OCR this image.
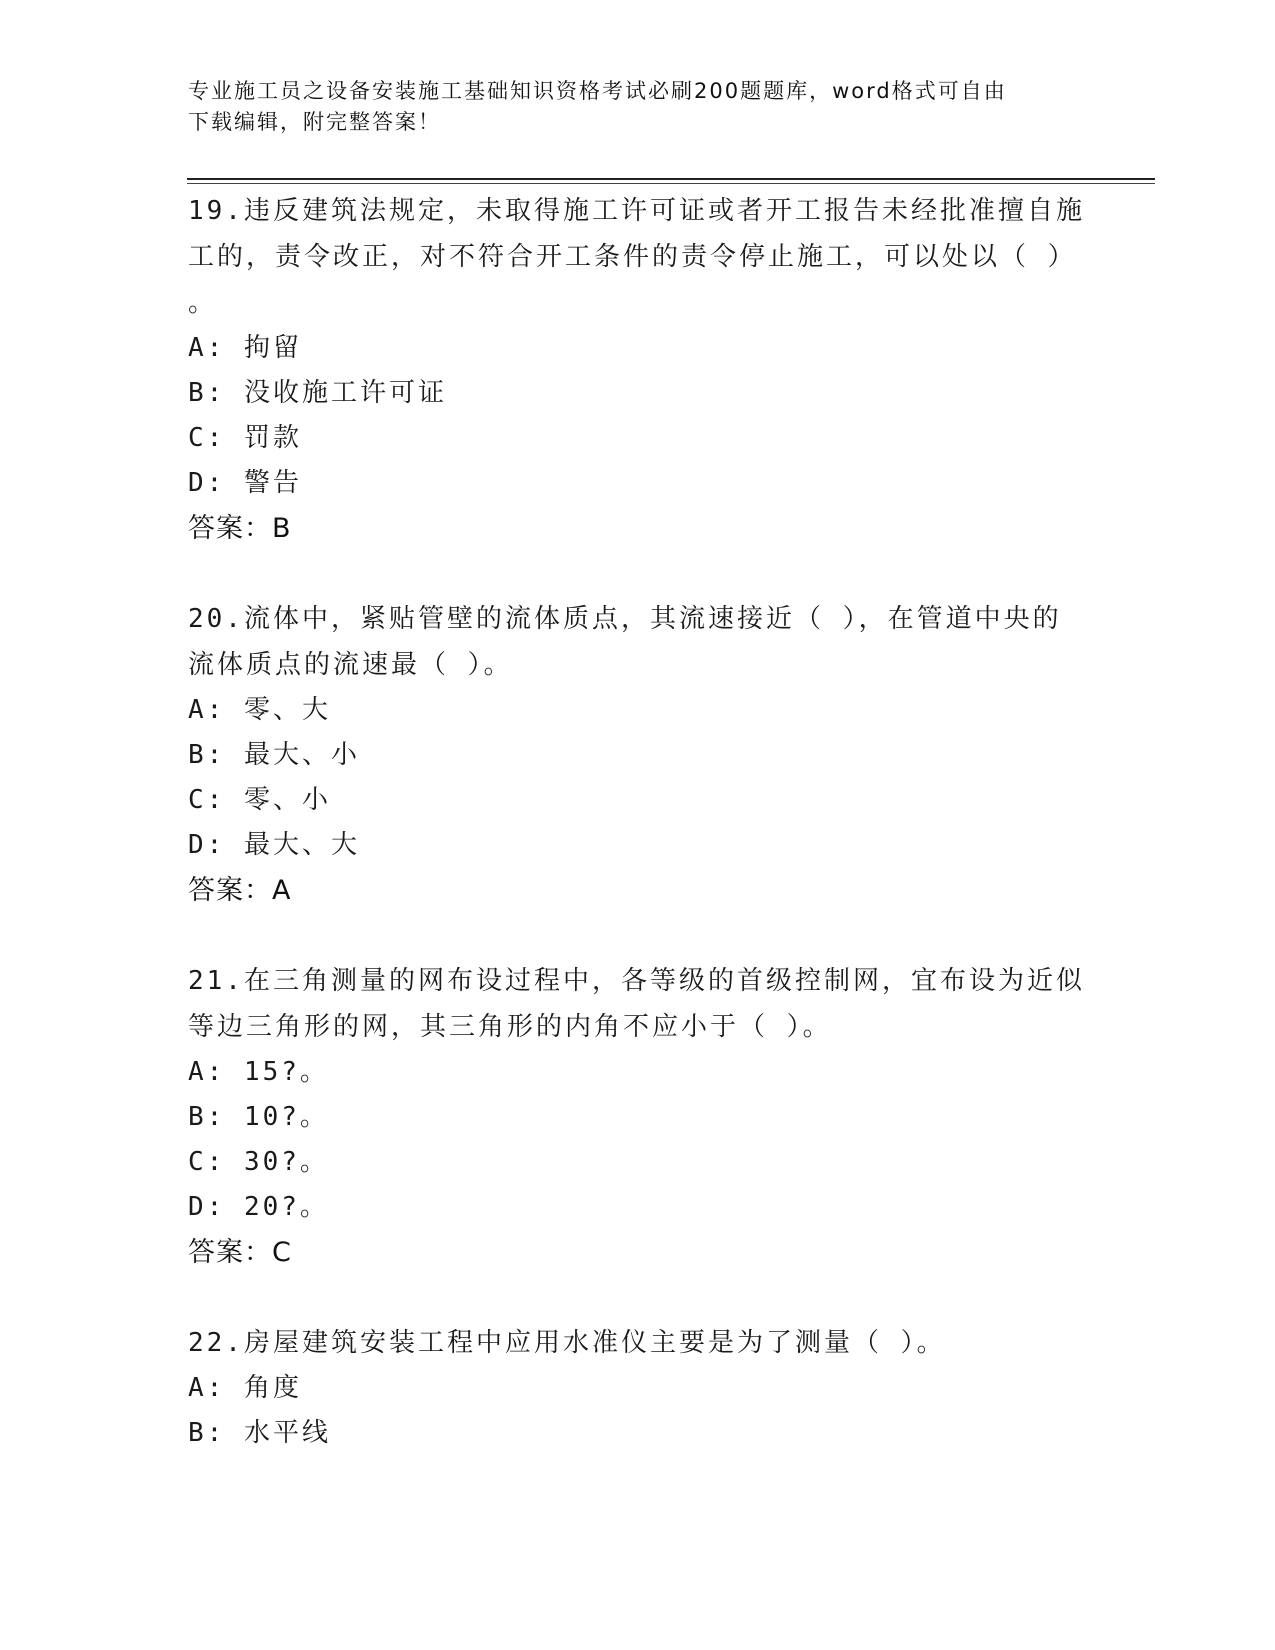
专业施工员之设备安装施工基础知识资格考试必刷200题题库，word格式可自由
下载编辑，附完整答案！

19.违反建筑法规定，未取得施工许可证或者开工报告未经批准擅自施

工的，责令改正，对不符合开工条件的责令停止施工，可以处以（ ）

。

A: 拘留

B: 没收施工许可证

C: 罚款

D: 警告

答案：B

20.流体中，紧贴管壁的流体质点，其流速接近（ ），在管道中央的

流体质点的流速最（ ）。

A: 零、大

B: 最大、小

C: 零、小

D: 最大、大

答案：A

21.在三角测量的网布设过程中，各等级的首级控制网，宜布设为近似

等边三角形的网，其三角形的内角不应小于（ ）。

A: 15?。

B: 10?。

C: 30?。

D: 20?。

答案：C

22.房屋建筑安装工程中应用水准仪主要是为了测量（ ）。

A: 角度

B: 水平线
